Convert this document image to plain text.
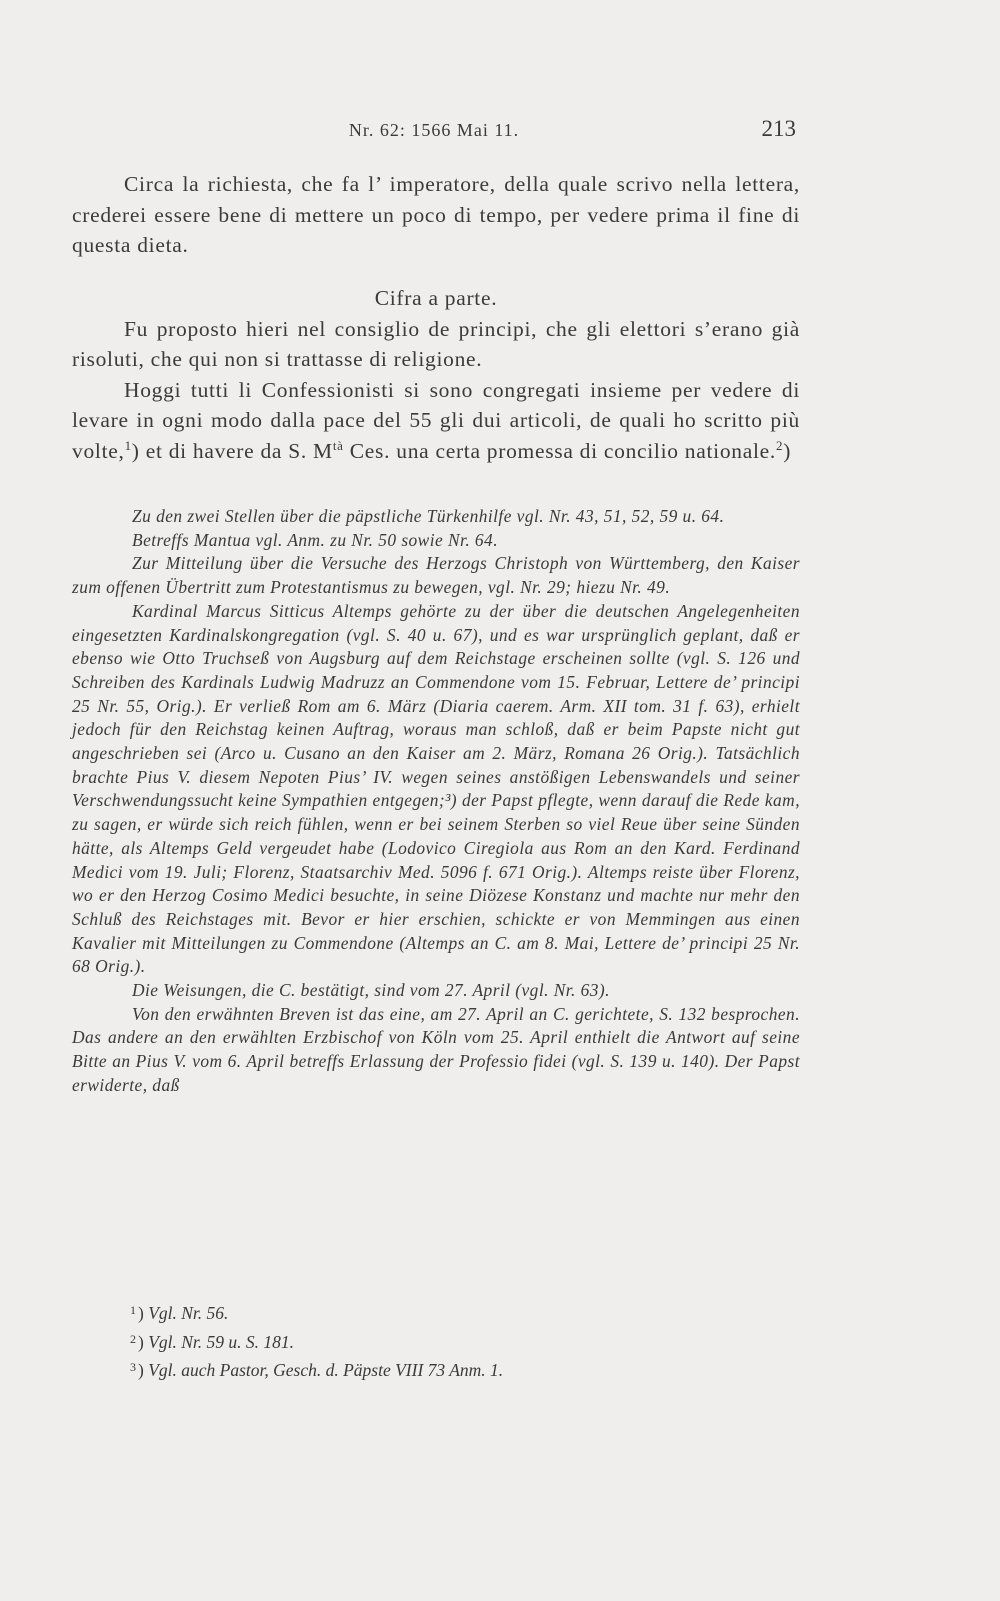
Nr. 62: 1566 Mai 11.	213

Circa la richiesta, che fa l’ imperatore, della quale scrivo nella lettera, crederei essere bene di mettere un poco di tempo, per vedere prima il fine di questa dieta.

Cifra a parte.

Fu proposto hieri nel consiglio de principi, che gli elettori s’erano già risoluti, che qui non si trattasse di religione.

Hoggi tutti li Confessionisti si sono congregati insieme per vedere di levare in ogni modo dalla pace del 55 gli dui articoli, de quali ho scritto più volte,$^1$) et di havere da S. $M^{tà}$ Ces. una certa promessa di concilio nationale.$^2$)

Zu den zwei Stellen über die päpstliche Türkenhilfe vgl. Nr. 43, 51, 52, 59 u. 64.

Betreffs Mantua vgl. Anm. zu Nr. 50 sowie Nr. 64.

Zur Mitteilung über die Versuche des Herzogs Christoph von Württemberg, den Kaiser zum offenen Übertritt zum Protestantismus zu bewegen, vgl. Nr. 29; hiezu Nr. 49.

Kardinal Marcus Sitticus Altemps gehörte zu der über die deutschen Angelegenheiten eingesetzten Kardinalskongregation (vgl. S. 40 u. 67), und es war ursprünglich geplant, daß er ebenso wie Otto Truchseß von Augsburg auf dem Reichstage erscheinen sollte (vgl. S. 126 und Schreiben des Kardinals Ludwig Madruzz an Commendone vom 15. Februar, Lettere de’ principi 25 Nr. 55, Orig.). Er verließ Rom am 6. März (Diaria caerem. Arm. XII tom. 31 f. 63), erhielt jedoch für den Reichstag keinen Auftrag, woraus man schloß, daß er beim Papste nicht gut angeschrieben sei (Arco u. Cusano an den Kaiser am 2. März, Romana 26 Orig.). Tatsächlich brachte Pius V. diesem Nepoten Pius’ IV. wegen seines anstößigen Lebenswandels und seiner Verschwendungssucht keine Sympathien entgegen;³) der Papst pflegte, wenn darauf die Rede kam, zu sagen, er würde sich reich fühlen, wenn er bei seinem Sterben so viel Reue über seine Sünden hätte, als Altemps Geld vergeudet habe (Lodovico Ciregiola aus Rom an den Kard. Ferdinand Medici vom 19. Juli; Florenz, Staatsarchiv Med. 5096 f. 671 Orig.). Altemps reiste über Florenz, wo er den Herzog Cosimo Medici besuchte, in seine Diözese Konstanz und machte nur mehr den Schluß des Reichstages mit. Bevor er hier erschien, schickte er von Memmingen aus einen Kavalier mit Mitteilungen zu Commendone (Altemps an C. am 8. Mai, Lettere de’ principi 25 Nr. 68 Orig.).

Die Weisungen, die C. bestätigt, sind vom 27. April (vgl. Nr. 63).

Von den erwähnten Breven ist das eine, am 27. April an C. gerichtete, S. 132 besprochen. Das andere an den erwählten Erzbischof von Köln vom 25. April enthielt die Antwort auf seine Bitte an Pius V. vom 6. April betreffs Erlassung der Professio fidei (vgl. S. 139 u. 140). Der Papst erwiderte, daß

$^1$ ) Vgl. Nr. 56.
$^2$ ) Vgl. Nr. 59 u. S. 181.
$^3$ ) Vgl. auch Pastor, Gesch. d. Päpste VIII 73 Anm. 1.
